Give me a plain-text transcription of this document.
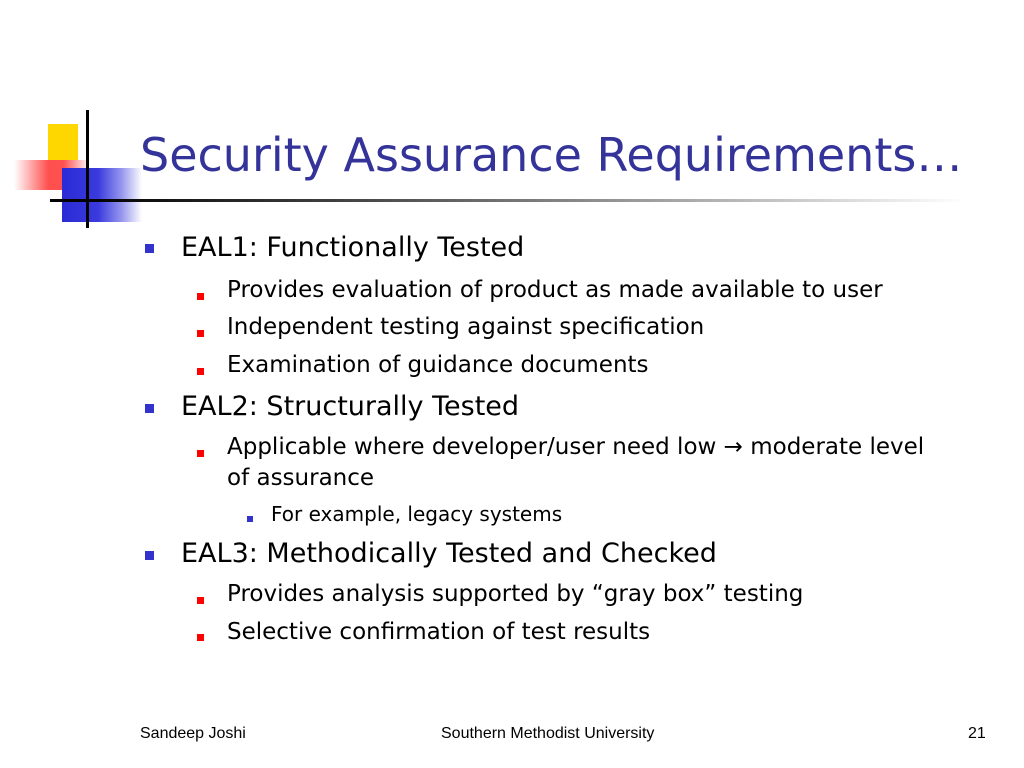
Security Assurance Requirements…
EAL1: Functionally Tested
Provides evaluation of product as made available to user
Independent testing against specification
Examination of guidance documents
EAL2: Structurally Tested
Applicable where developer/user need low → moderate level
of assurance
For example, legacy systems
EAL3: Methodically Tested and Checked
Provides analysis supported by “gray box” testing
Selective confirmation of test results
Sandeep Joshi	Southern Methodist University	21
